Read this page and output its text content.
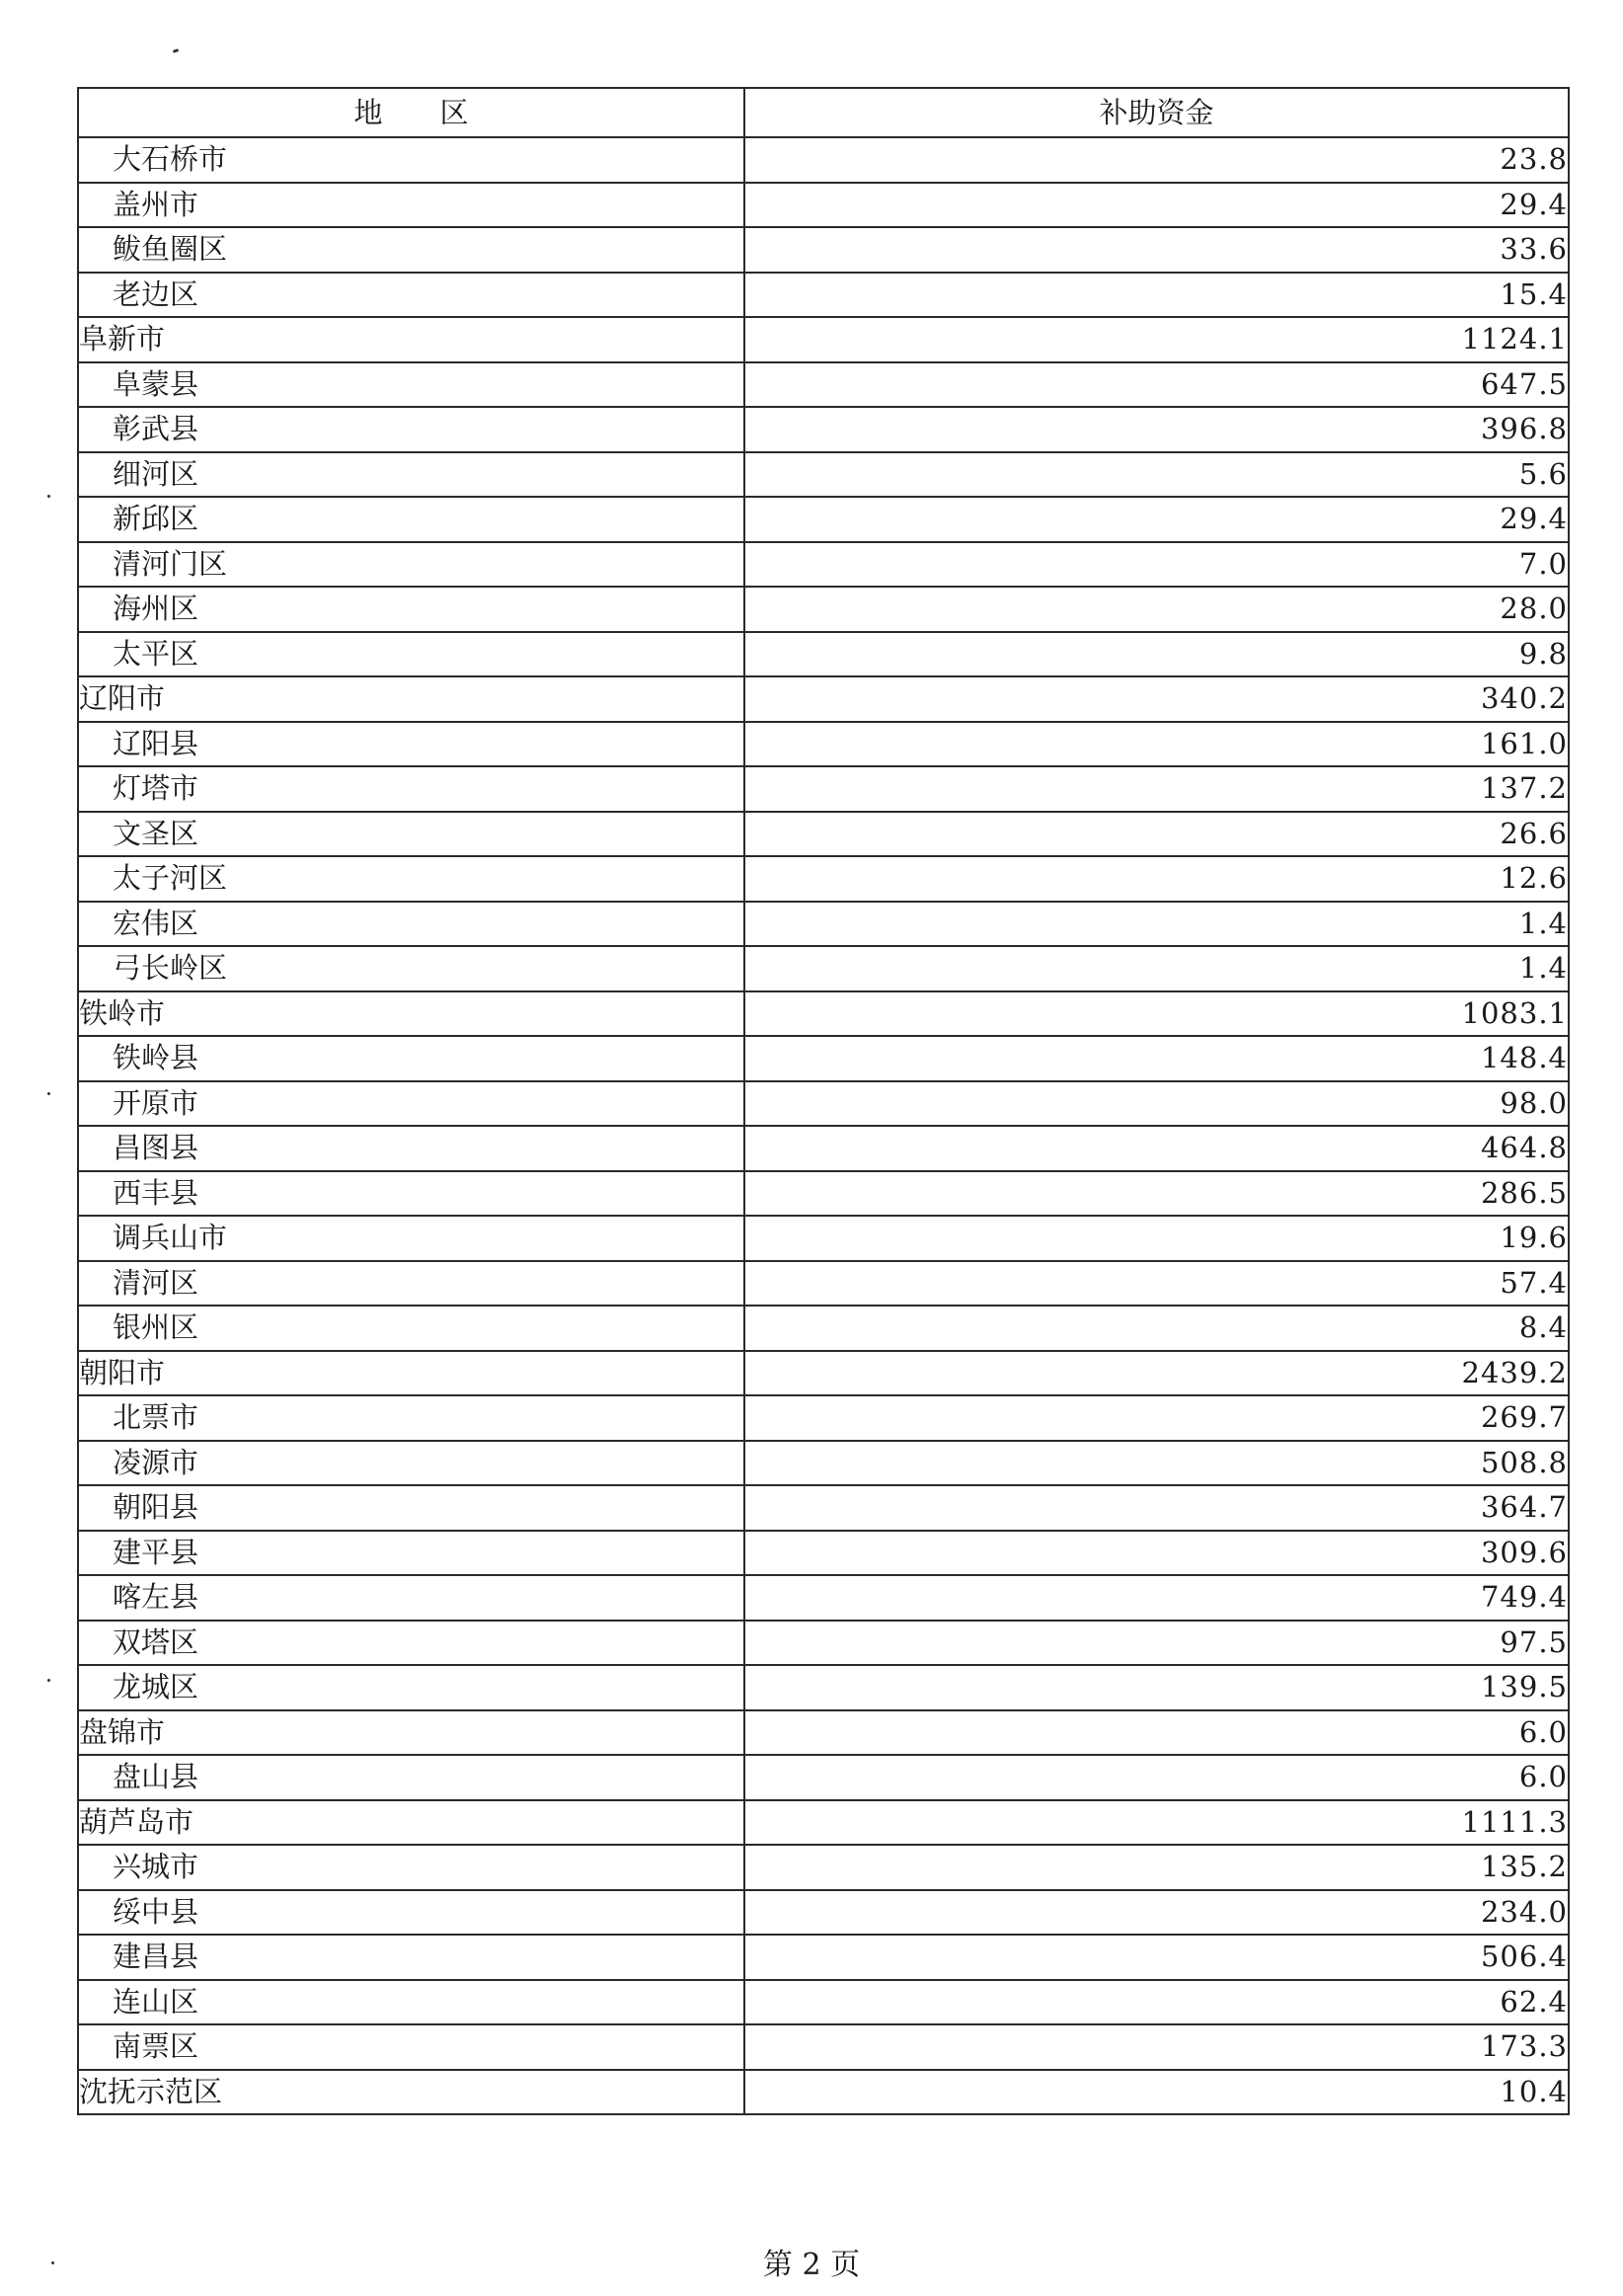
地　　区	补助资金
大石桥市	23.8
盖州市	29.4
鲅鱼圈区	33.6
老边区	15.4
阜新市	1124.1
阜蒙县	647.5
彰武县	396.8
细河区	5.6
新邱区	29.4
清河门区	7.0
海州区	28.0
太平区	9.8
辽阳市	340.2
辽阳县	161.0
灯塔市	137.2
文圣区	26.6
太子河区	12.6
宏伟区	1.4
弓长岭区	1.4
铁岭市	1083.1
铁岭县	148.4
开原市	98.0
昌图县	464.8
西丰县	286.5
调兵山市	19.6
清河区	57.4
银州区	8.4
朝阳市	2439.2
北票市	269.7
凌源市	508.8
朝阳县	364.7
建平县	309.6
喀左县	749.4
双塔区	97.5
龙城区	139.5
盘锦市	6.0
盘山县	6.0
葫芦岛市	1111.3
兴城市	135.2
绥中县	234.0
建昌县	506.4
连山区	62.4
南票区	173.3
沈抚示范区	10.4
第 2 页
